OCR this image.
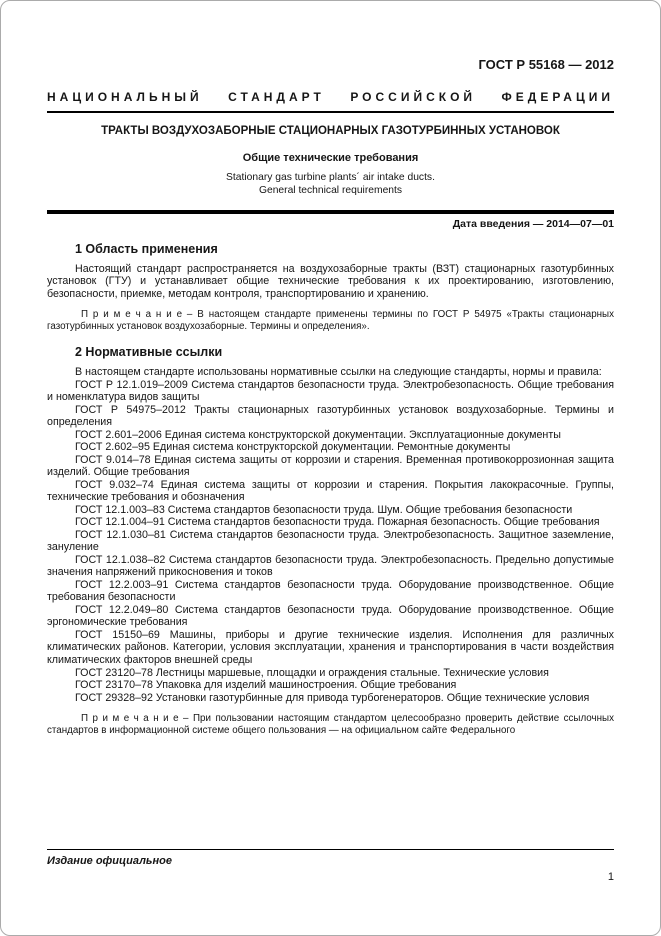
ГОСТ Р 55168 — 2012
НАЦИОНАЛЬНЫЙ СТАНДАРТ РОССИЙСКОЙ ФЕДЕРАЦИИ
ТРАКТЫ ВОЗДУХОЗАБОРНЫЕ СТАЦИОНАРНЫХ ГАЗОТУРБИННЫХ УСТАНОВОК
Общие технические требования
Stationary gas turbine plants´ air intake ducts.
General technical requirements
Дата введения — 2014—07—01
1 Область применения

Настоящий стандарт распространяется на воздухозаборные тракты (ВЗТ) стационарных газотурбинных установок (ГТУ) и устанавливает общие технические требования к их проектированию, изготовлению, безопасности, приемке, методам контроля, транспортированию и хранению.

П р и м е ч а н и е – В настоящем стандарте применены термины по ГОСТ Р 54975 «Тракты стационарных газотурбинных установок воздухозаборные. Термины и определения».

2 Нормативные ссылки

В настоящем стандарте использованы нормативные ссылки на следующие стандарты, нормы и правила:

ГОСТ Р 12.1.019–2009 Система стандартов безопасности труда. Электробезопасность. Общие требования и номенклатура видов защиты

ГОСТ Р 54975–2012 Тракты стационарных газотурбинных установок воздухозаборные. Термины и определения

ГОСТ 2.601–2006 Единая система конструкторской документации. Эксплуатационные документы

ГОСТ 2.602–95 Единая система конструкторской документации. Ремонтные документы

ГОСТ 9.014–78 Единая система защиты от коррозии и старения. Временная противокоррозионная защита изделий. Общие требования

ГОСТ 9.032–74 Единая система защиты от коррозии и старения. Покрытия лакокрасочные. Группы, технические требования и обозначения

ГОСТ 12.1.003–83 Система стандартов безопасности труда. Шум. Общие требования безопасности

ГОСТ 12.1.004–91 Система стандартов безопасности труда. Пожарная безопасность. Общие требования

ГОСТ 12.1.030–81 Система стандартов безопасности труда. Электробезопасность. Защитное заземление, зануление

ГОСТ 12.1.038–82 Система стандартов безопасности труда. Электробезопасность. Предельно допустимые значения напряжений прикосновения и токов

ГОСТ 12.2.003–91 Система стандартов безопасности труда. Оборудование производственное. Общие требования безопасности

ГОСТ 12.2.049–80 Система стандартов безопасности труда. Оборудование производственное. Общие эргономические требования

ГОСТ 15150–69 Машины, приборы и другие технические изделия. Исполнения для различных климатических районов. Категории, условия эксплуатации, хранения и транспортирования в части воздействия климатических факторов внешней среды

ГОСТ 23120–78 Лестницы маршевые, площадки и ограждения стальные. Технические условия

ГОСТ 23170–78 Упаковка для изделий машиностроения. Общие требования

ГОСТ 29328–92 Установки газотурбинные для привода турбогенераторов. Общие технические условия

П р и м е ч а н и е – При пользовании настоящим стандартом целесообразно проверить действие ссылочных стандартов в информационной системе общего пользования — на официальном сайте Федерального

Издание официальное
1
